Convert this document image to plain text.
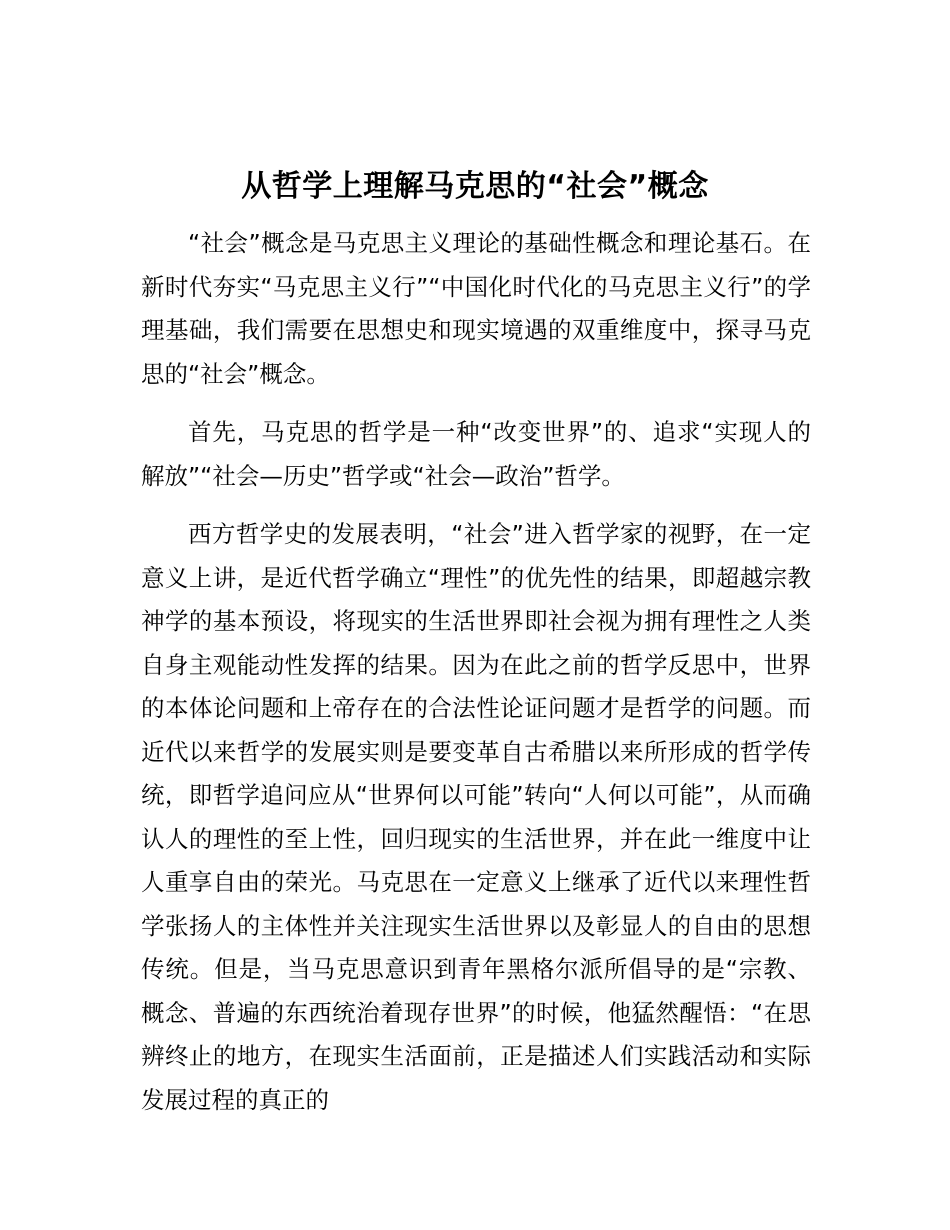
从哲学上理解马克思的“社会”概念

“社会”概念是马克思主义理论的基础性概念和理论基石。在新时代夯实“马克思主义行”“中国化时代化的马克思主义行”的学理基础，我们需要在思想史和现实境遇的双重维度中，探寻马克思的“社会”概念。

首先，马克思的哲学是一种“改变世界”的、追求“实现人的解放”“社会—历史”哲学或“社会—政治”哲学。

西方哲学史的发展表明，“社会”进入哲学家的视野，在一定意义上讲，是近代哲学确立“理性”的优先性的结果，即超越宗教神学的基本预设，将现实的生活世界即社会视为拥有理性之人类自身主观能动性发挥的结果。因为在此之前的哲学反思中，世界的本体论问题和上帝存在的合法性论证问题才是哲学的问题。而近代以来哲学的发展实则是要变革自古希腊以来所形成的哲学传统，即哲学追问应从“世界何以可能”转向“人何以可能”，从而确认人的理性的至上性，回归现实的生活世界，并在此一维度中让人重享自由的荣光。马克思在一定意义上继承了近代以来理性哲学张扬人的主体性并关注现实生活世界以及彰显人的自由的思想传统。但是，当马克思意识到青年黑格尔派所倡导的是“宗教、概念、普遍的东西统治着现存世界”的时候，他猛然醒悟：“在思辨终止的地方，在现实生活面前，正是描述人们实践活动和实际发展过程的真正的
